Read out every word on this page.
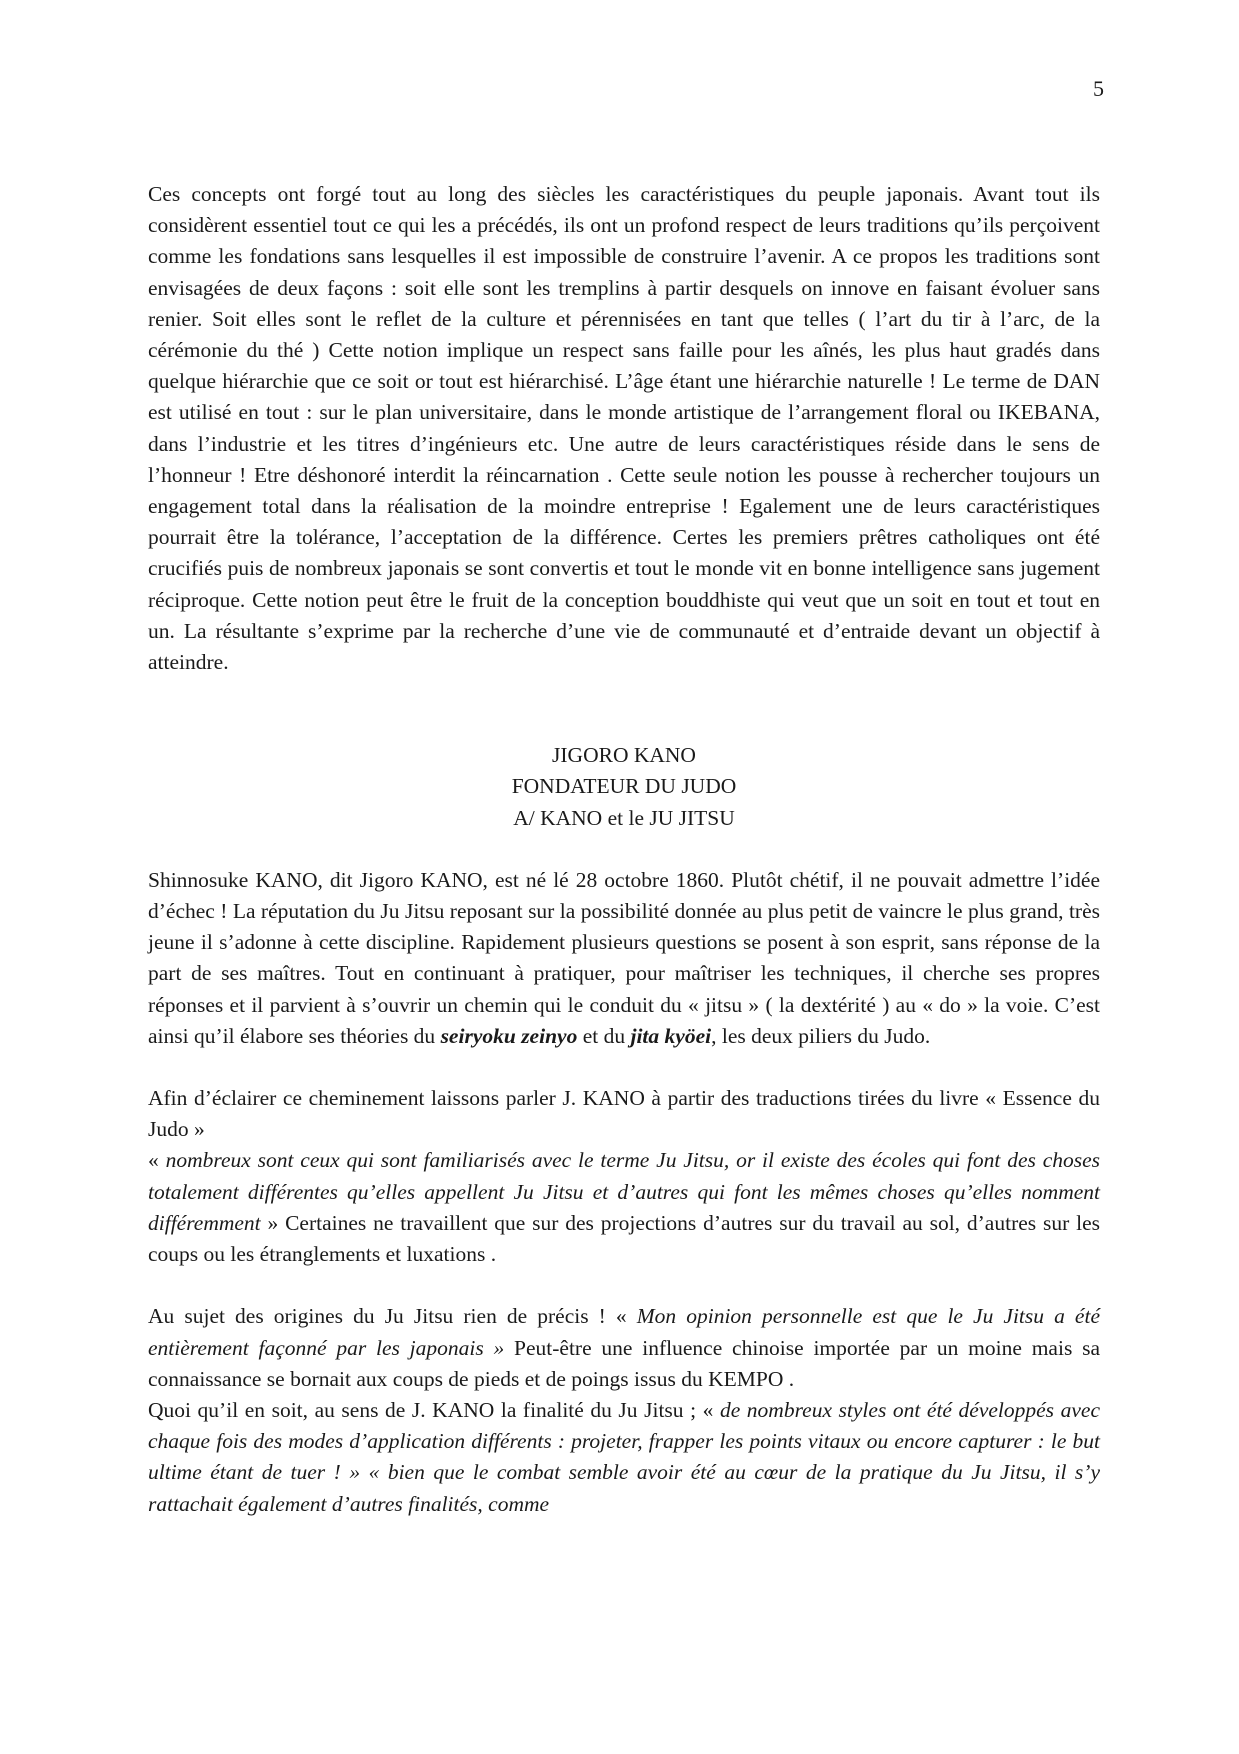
5

Ces concepts ont forgé tout au long des siècles les caractéristiques du peuple japonais. Avant tout ils considèrent essentiel tout ce qui les a précédés, ils ont un profond respect de leurs traditions qu’ils perçoivent comme les fondations sans lesquelles il est impossible de construire l’avenir. A ce propos les traditions sont envisagées de deux façons : soit elle sont les tremplins à partir desquels on innove en faisant évoluer sans renier. Soit elles sont le reflet de la culture et pérennisées en tant que telles ( l’art du tir à l’arc, de la cérémonie du thé ) Cette notion implique un respect sans faille pour les aînés, les plus haut gradés dans quelque hiérarchie que ce soit or tout est hiérarchisé. L’âge étant une hiérarchie naturelle ! Le terme de DAN est utilisé en tout : sur le plan universitaire, dans le monde artistique de l’arrangement floral ou IKEBANA, dans l’industrie et les titres d’ingénieurs etc. Une autre de leurs caractéristiques réside dans le sens de l’honneur ! Etre déshonoré interdit la réincarnation . Cette seule notion les pousse à rechercher toujours un engagement total dans la réalisation de la moindre entreprise ! Egalement une de leurs caractéristiques pourrait être la tolérance, l’acceptation de la différence. Certes les premiers prêtres catholiques ont été crucifiés puis de nombreux japonais se sont convertis et tout le monde vit en bonne intelligence sans jugement réciproque. Cette notion peut être le fruit de la conception bouddhiste qui veut que un soit en tout et tout en un. La résultante s’exprime par la recherche d’une vie de communauté et d’entraide devant un objectif à atteindre.

JIGORO KANO
FONDATEUR DU JUDO
A/ KANO et le JU JITSU

Shinnosuke KANO, dit Jigoro KANO, est né lé 28 octobre 1860. Plutôt chétif, il ne pouvait admettre l’idée d’échec ! La réputation du Ju Jitsu reposant sur la possibilité donnée au plus petit de vaincre le plus grand, très jeune il s’adonne à cette discipline. Rapidement plusieurs questions se posent à son esprit, sans réponse de la part de ses maîtres. Tout en continuant à pratiquer, pour maîtriser les techniques, il cherche ses propres réponses et il parvient à s’ouvrir un chemin qui le conduit du « jitsu » ( la dextérité ) au « do » la voie. C’est ainsi qu’il élabore ses théories du seiryoku zeinyo et du jita kyöei, les deux piliers du Judo.

Afin d’éclairer ce cheminement laissons parler J. KANO à partir des traductions tirées du livre « Essence du Judo »
« nombreux sont ceux qui sont familiarisés avec le terme Ju Jitsu, or il existe des écoles qui font des choses totalement différentes qu’elles appellent Ju Jitsu et d’autres qui font les mêmes choses qu’elles nomment différemment » Certaines ne travaillent que sur des projections d’autres sur du travail au sol, d’autres sur les coups ou les étranglements et luxations .

Au sujet des origines du Ju Jitsu rien de précis ! « Mon opinion personnelle est que le Ju Jitsu a été entièrement façonné par les japonais » Peut-être une influence chinoise importée par un moine mais sa connaissance se bornait aux coups de pieds et de poings issus du KEMPO .
Quoi qu’il en soit, au sens de J. KANO la finalité du Ju Jitsu ; « de nombreux styles ont été développés avec chaque fois des modes d’application différents : projeter, frapper les points vitaux ou encore capturer : le but ultime étant de tuer ! » « bien que le combat semble avoir été au cœur de la pratique du Ju Jitsu, il s’y rattachait également d’autres finalités, comme
